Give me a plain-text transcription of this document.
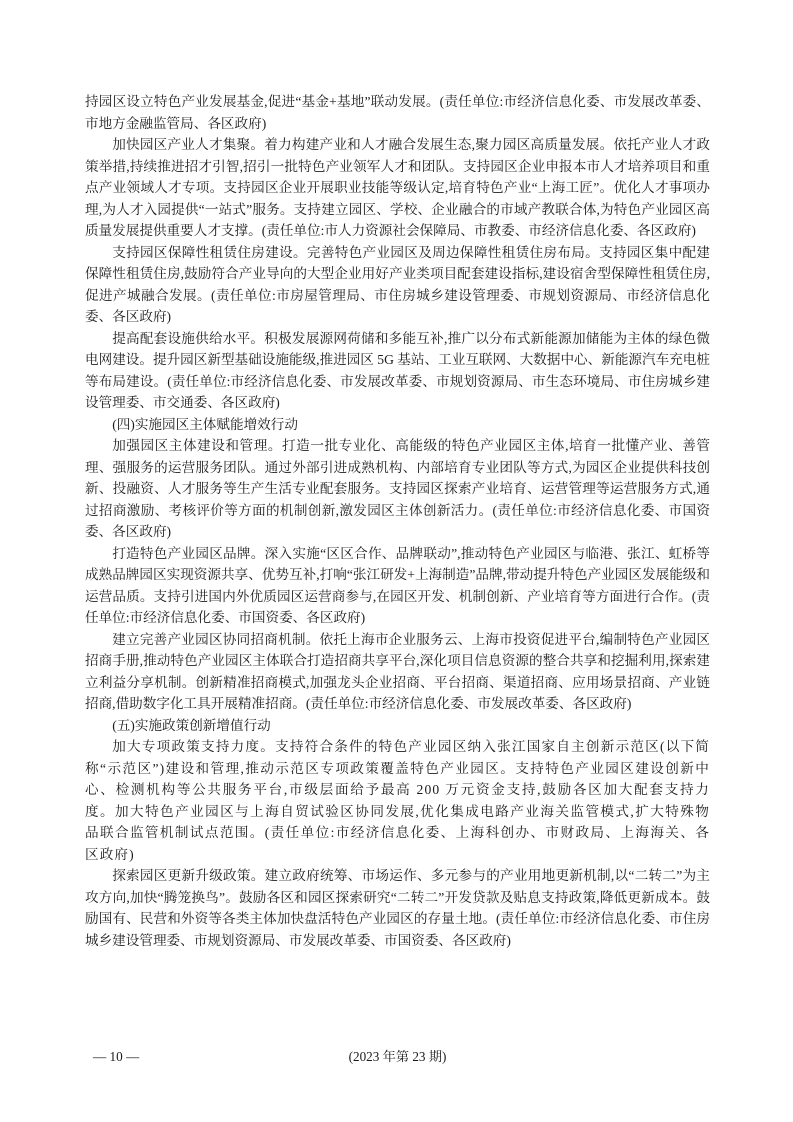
持园区设立特色产业发展基金,促进“基金+基地”联动发展。(责任单位:市经济信息化委、市发展改革委、市地方金融监管局、各区政府)

加快园区产业人才集聚。着力构建产业和人才融合发展生态,聚力园区高质量发展。依托产业人才政策举措,持续推进招才引智,招引一批特色产业领军人才和团队。支持园区企业申报本市人才培养项目和重点产业领域人才专项。支持园区企业开展职业技能等级认定,培育特色产业“上海工匠”。优化人才事项办理,为人才入园提供“一站式”服务。支持建立园区、学校、企业融合的市域产教联合体,为特色产业园区高质量发展提供重要人才支撑。(责任单位:市人力资源社会保障局、市教委、市经济信息化委、各区政府)

支持园区保障性租赁住房建设。完善特色产业园区及周边保障性租赁住房布局。支持园区集中配建保障性租赁住房,鼓励符合产业导向的大型企业用好产业类项目配套建设指标,建设宿舍型保障性租赁住房,促进产城融合发展。(责任单位:市房屋管理局、市住房城乡建设管理委、市规划资源局、市经济信息化委、各区政府)

提高配套设施供给水平。积极发展源网荷储和多能互补,推广以分布式新能源加储能为主体的绿色微电网建设。提升园区新型基础设施能级,推进园区 5G 基站、工业互联网、大数据中心、新能源汽车充电桩等布局建设。(责任单位:市经济信息化委、市发展改革委、市规划资源局、市生态环境局、市住房城乡建设管理委、市交通委、各区政府)

(四)实施园区主体赋能增效行动

加强园区主体建设和管理。打造一批专业化、高能级的特色产业园区主体,培育一批懂产业、善管理、强服务的运营服务团队。通过外部引进成熟机构、内部培育专业团队等方式,为园区企业提供科技创新、投融资、人才服务等生产生活专业配套服务。支持园区探索产业培育、运营管理等运营服务方式,通过招商激励、考核评价等方面的机制创新,激发园区主体创新活力。(责任单位:市经济信息化委、市国资委、各区政府)

打造特色产业园区品牌。深入实施“区区合作、品牌联动”,推动特色产业园区与临港、张江、虹桥等成熟品牌园区实现资源共享、优势互补,打响“张江研发+上海制造”品牌,带动提升特色产业园区发展能级和运营品质。支持引进国内外优质园区运营商参与,在园区开发、机制创新、产业培育等方面进行合作。(责任单位:市经济信息化委、市国资委、各区政府)

建立完善产业园区协同招商机制。依托上海市企业服务云、上海市投资促进平台,编制特色产业园区招商手册,推动特色产业园区主体联合打造招商共享平台,深化项目信息资源的整合共享和挖掘利用,探索建立利益分享机制。创新精准招商模式,加强龙头企业招商、平台招商、渠道招商、应用场景招商、产业链招商,借助数字化工具开展精准招商。(责任单位:市经济信息化委、市发展改革委、各区政府)

(五)实施政策创新增值行动

加大专项政策支持力度。支持符合条件的特色产业园区纳入张江国家自主创新示范区(以下简称“示范区”)建设和管理,推动示范区专项政策覆盖特色产业园区。支持特色产业园区建设创新中心、检测机构等公共服务平台,市级层面给予最高 200 万元资金支持,鼓励各区加大配套支持力度。加大特色产业园区与上海自贸试验区协同发展,优化集成电路产业海关监管模式,扩大特殊物品联合监管机制试点范围。(责任单位:市经济信息化委、上海科创办、市财政局、上海海关、各区政府)

探索园区更新升级政策。建立政府统筹、市场运作、多元参与的产业用地更新机制,以“二转二”为主攻方向,加快“腾笼换鸟”。鼓励各区和园区探索研究“二转二”开发贷款及贴息支持政策,降低更新成本。鼓励国有、民营和外资等各类主体加快盘活特色产业园区的存量土地。(责任单位:市经济信息化委、市住房城乡建设管理委、市规划资源局、市发展改革委、市国资委、各区政府)

— 10 —	(2023 年第 23 期)
